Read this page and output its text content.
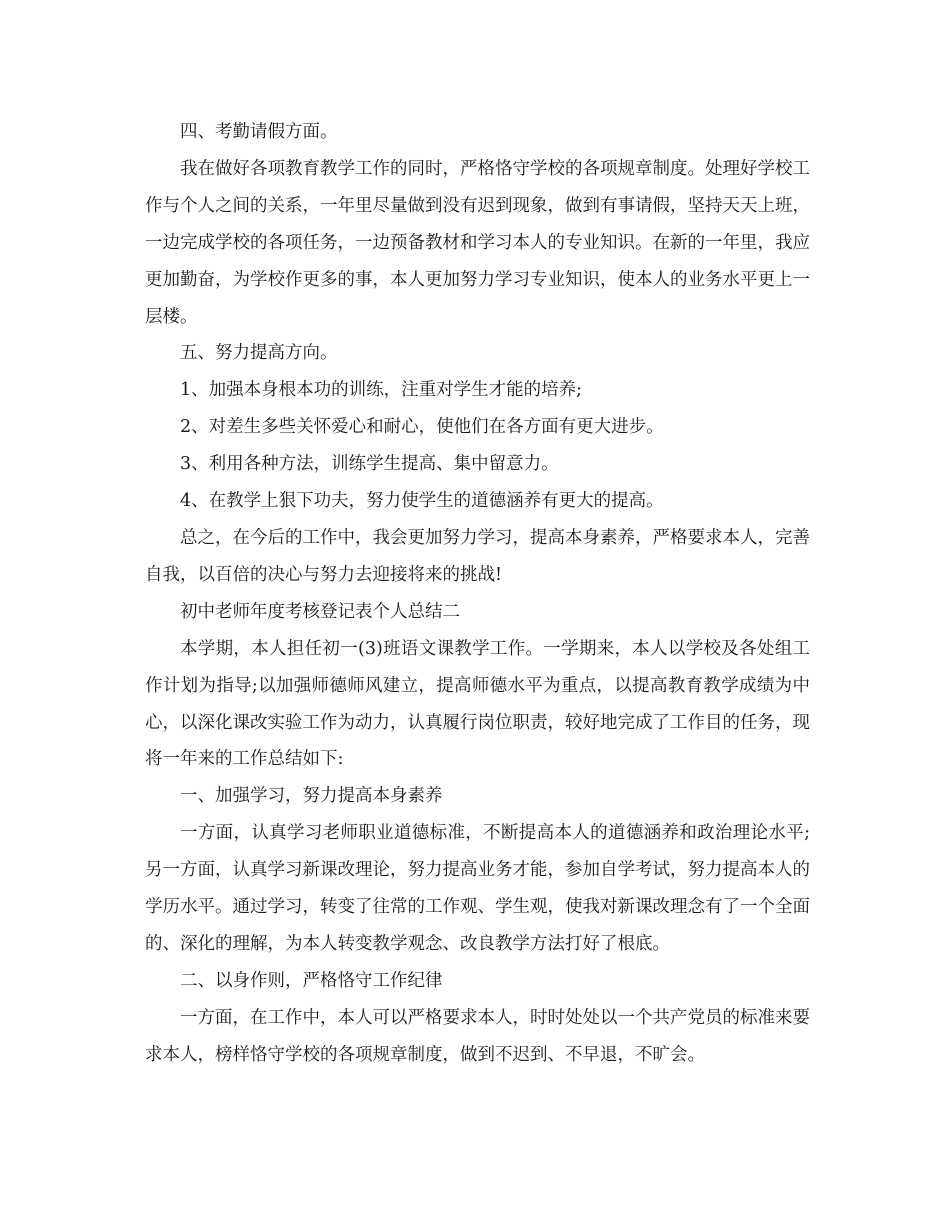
四、考勤请假方面。

我在做好各项教育教学工作的同时，严格恪守学校的各项规章制度。处理好学校工作与个人之间的关系，一年里尽量做到没有迟到现象，做到有事请假，坚持天天上班，一边完成学校的各项任务，一边预备教材和学习本人的专业知识。在新的一年里，我应更加勤奋，为学校作更多的事，本人更加努力学习专业知识，使本人的业务水平更上一层楼。

五、努力提高方向。

1、加强本身根本功的训练，注重对学生才能的培养;

2、对差生多些关怀爱心和耐心，使他们在各方面有更大进步。

3、利用各种方法，训练学生提高、集中留意力。

4、在教学上狠下功夫，努力使学生的道德涵养有更大的提高。

总之，在今后的工作中，我会更加努力学习，提高本身素养，严格要求本人，完善自我，以百倍的决心与努力去迎接将来的挑战!

初中老师年度考核登记表个人总结二

本学期，本人担任初一(3)班语文课教学工作。一学期来，本人以学校及各处组工作计划为指导;以加强师德师风建立，提高师德水平为重点，以提高教育教学成绩为中心，以深化课改实验工作为动力，认真履行岗位职责，较好地完成了工作目的任务，现将一年来的工作总结如下:

一、加强学习，努力提高本身素养

一方面，认真学习老师职业道德标准，不断提高本人的道德涵养和政治理论水平;另一方面，认真学习新课改理论，努力提高业务才能，参加自学考试，努力提高本人的学历水平。通过学习，转变了往常的工作观、学生观，使我对新课改理念有了一个全面的、深化的理解，为本人转变教学观念、改良教学方法打好了根底。

二、以身作则，严格恪守工作纪律

一方面，在工作中，本人可以严格要求本人，时时处处以一个共产党员的标准来要求本人，榜样恪守学校的各项规章制度，做到不迟到、不早退，不旷会。
